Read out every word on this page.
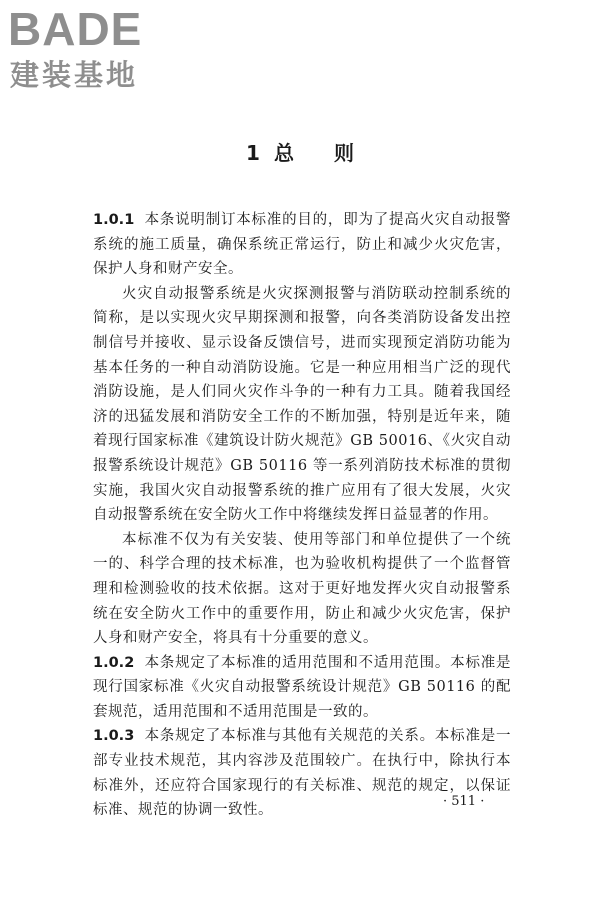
BADE
建装基地
1 总 则

1.0.1 本条说明制订本标准的目的，即为了提高火灾自动报警系统的施工质量，确保系统正常运行，防止和减少火灾危害，保护人身和财产安全。

火灾自动报警系统是火灾探测报警与消防联动控制系统的简称，是以实现火灾早期探测和报警，向各类消防设备发出控制信号并接收、显示设备反馈信号，进而实现预定消防功能为基本任务的一种自动消防设施。它是一种应用相当广泛的现代消防设施，是人们同火灾作斗争的一种有力工具。随着我国经济的迅猛发展和消防安全工作的不断加强，特别是近年来，随着现行国家标准《建筑设计防火规范》GB 50016、《火灾自动报警系统设计规范》GB 50116 等一系列消防技术标准的贯彻实施，我国火灾自动报警系统的推广应用有了很大发展，火灾自动报警系统在安全防火工作中将继续发挥日益显著的作用。

本标准不仅为有关安装、使用等部门和单位提供了一个统一的、科学合理的技术标准，也为验收机构提供了一个监督管理和检测验收的技术依据。这对于更好地发挥火灾自动报警系统在安全防火工作中的重要作用，防止和减少火灾危害，保护人身和财产安全，将具有十分重要的意义。

1.0.2 本条规定了本标准的适用范围和不适用范围。本标准是现行国家标准《火灾自动报警系统设计规范》GB 50116 的配套规范，适用范围和不适用范围是一致的。

1.0.3 本条规定了本标准与其他有关规范的关系。本标准是一部专业技术规范，其内容涉及范围较广。在执行中，除执行本标准外，还应符合国家现行的有关标准、规范的规定，以保证标准、规范的协调一致性。

· 511 ·
